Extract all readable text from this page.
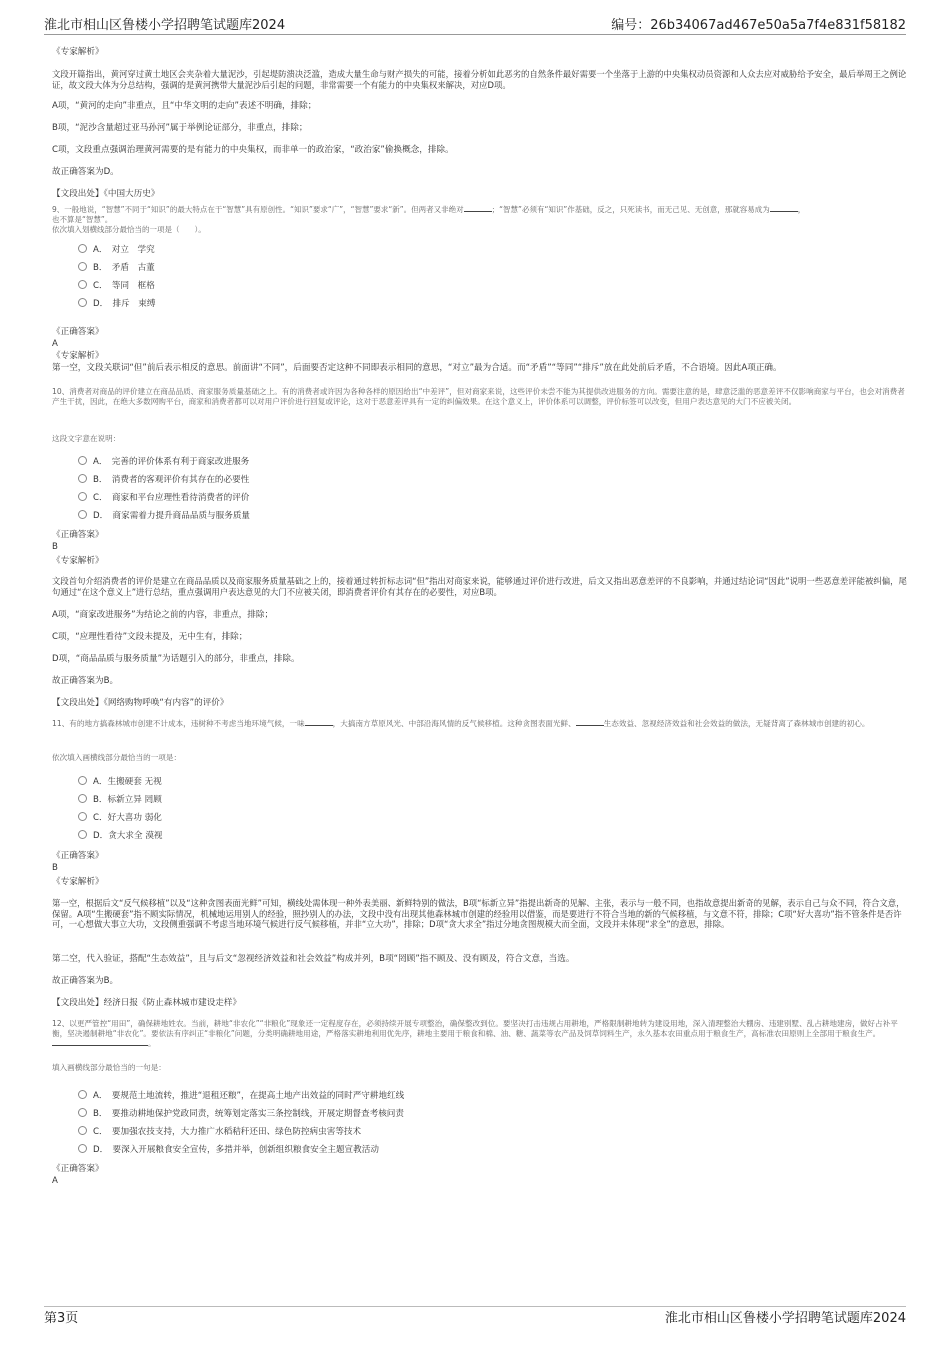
淮北市相山区鲁楼小学招聘笔试题库2024	编号：26b34067ad467e50a5a7f4e831f58182
《专家解析》
文段开篇指出，黄河穿过黄土地区会夹杂着大量泥沙，引起堤防溃决泛滥，造成大量生命与财产损失的可能，接着分析如此恶劣的自然条件最好需要一个坐落于上游的中央集权动员资源和人众去应对威胁给予安全，最后举周王之例论证，故文段大体为分总结构，强调的是黄河携带大量泥沙后引起的问题，非常需要一个有能力的中央集权来解决，对应D项。
A项，“黄河的走向”非重点，且“中华文明的走向”表述不明确，排除；
B项，“泥沙含量超过亚马孙河”属于举例论证部分，非重点，排除；
C项，文段重点强调治理黄河需要的是有能力的中央集权，而非单一的政治家，“政治家”偷换概念，排除。
故正确答案为D。
【文段出处】《中国大历史》
9、一般地说，“智慧”不同于“知识”的最大特点在于“智慧”具有原创性。“知识”要求“广”，“智慧”要求“新”。但两者又非绝对	；“智慧”必须有“知识”作基础，反之，只死读书，而无己见、无创意，那就容易成为	，
也不算是“智慧”。
依次填入划横线部分最恰当的一项是（　　）。
A．　对立　学究
B．　矛盾　古董
C．　等同　框格
D．　排斥　束缚
《正确答案》
A
《专家解析》
第一空，文段关联词“但”前后表示相反的意思。前面讲“不同”，后面要否定这种不同即表示相同的意思，“对立”最为合适。而“矛盾”“等同”“排斥”放在此处前后矛盾，不合语境。因此A项正确。
10、消费者对商品的评价建立在商品品质、商家服务质量基础之上。有的消费者或许因为各种各样的原因给出“中差评”，但对商家来说，这些评价未尝不能为其提供改进服务的方向。需要注意的是，肆意泛滥的恶意差评不仅影响商家与平台，也会对消费者产生干扰，因此，在绝大多数网购平台，商家和消费者都可以对用户评价进行回复或评论，这对于恶意差评具有一定的纠偏效果。在这个意义上，评价体系可以调整，评价标签可以改变，但用户表达意见的大门不应被关闭。
这段文字意在说明：
A．　完善的评价体系有利于商家改进服务
B．　消费者的客观评价有其存在的必要性
C．　商家和平台应理性看待消费者的评价
D．　商家需着力提升商品品质与服务质量
《正确答案》
B
《专家解析》
文段首句介绍消费者的评价是建立在商品品质以及商家服务质量基础之上的，接着通过转折标志词“但”指出对商家来说，能够通过评价进行改进，后文又指出恶意差评的不良影响，并通过结论词“因此”说明一些恶意差评能被纠偏，尾句通过“在这个意义上”进行总结，重点强调用户表达意见的大门不应被关闭，即消费者评价有其存在的必要性，对应B项。
A项，“商家改进服务”为结论之前的内容，非重点，排除；
C项，“应理性看待”文段未提及，无中生有，排除；
D项，“商品品质与服务质量”为话题引入的部分，非重点，排除。
故正确答案为B。
【文段出处】《网络购物呼唤“有内容”的评价》
11、有的地方搞森林城市创建不计成本，违树种不考虑当地环境气候，一味	，大搞南方草原风光、中部沿海风情的反气候移植。这种贪图表面光鲜、	生态效益、忽视经济效益和社会效益的做法，无疑背离了森林城市创建的初心。
依次填入画横线部分最恰当的一项是：
A．生搬硬套 无视
B．标新立异 罔顾
C．好大喜功 弱化
D．贪大求全 漠视
《正确答案》
B
《专家解析》
第一空，根据后文“反气候移植”以及“这种贪图表面光鲜”可知，横线处需体现一种外表美丽、新鲜特别的做法，B项“标新立异”指提出新奇的见解、主张，表示与一般不同，也指故意提出新奇的见解，表示自己与众不同，符合文意，保留。A项“生搬硬套”指不顾实际情况，机械地运用别人的经验，照抄别人的办法，文段中没有出现其他森林城市创建的经验用以借鉴，而是要进行不符合当地的新的气候移植，与文意不符，排除；C项“好大喜功”指不管条件是否许可，一心想做大事立大功，文段侧重强调不考虑当地环境气候进行反气候移植，并非“立大功”，排除；D项“贪大求全”指过分地贪图规模大而全面，文段并未体现“求全”的意思，排除。
第二空，代入验证，搭配“生态效益”，且与后文“忽视经济效益和社会效益”构成并列，B项“罔顾”指不顾及、没有顾及，符合文意，当选。
故正确答案为B。
【文段出处】经济日报《防止森林城市建设走样》
12、以更严管控“用田”，确保耕地姓农。当前，耕地“非农化”“非粮化”现象还一定程度存在，必须持续开展专项整治，确保整改到位。要坚决打击违规占用耕地，严格限制耕地转为建设用地，深入清理整治大棚房、违建别墅、乱占耕地建房，做好占补平衡，坚决遏制耕地“非农化”。要依法有序纠正“非粮化”问题，分类明确耕地用途，严格落实耕地利用优先序，耕地主要用于粮食和棉、油、糖、蔬菜等农产品及饲草饲料生产，永久基本农田重点用于粮食生产，高标准农田原则上全部用于粮食生产。。
填入画横线部分最恰当的一句是：
A．　要规范土地流转，推进“退租还粮”，在提高土地产出效益的同时严守耕地红线
B．　要推动耕地保护党政同责，统筹划定落实三条控制线，开展定期督查考核问责
C．　要加强农技支持，大力推广水稻秸秆还田、绿色防控病虫害等技术
D．　要深入开展粮食安全宣传，多措并举，创新组织粮食安全主题宣教活动
《正确答案》
A
第3页	淮北市相山区鲁楼小学招聘笔试题库2024
